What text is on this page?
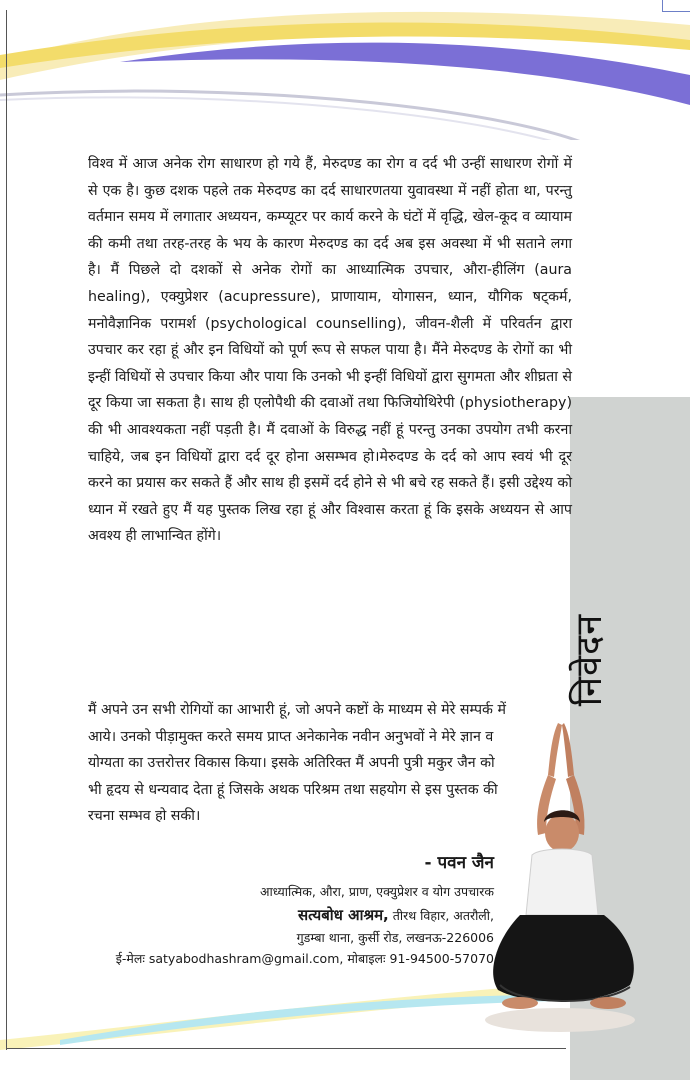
निवेदन

विश्व में आज अनेक रोग साधारण हो गये हैं, मेरुदण्ड का रोग व दर्द भी उन्हीं साधारण रोगों में से एक है। कुछ दशक पहले तक मेरुदण्ड का दर्द साधारणतया युवावस्था में नहीं होता था, परन्तु वर्तमान समय में लगातार अध्ययन, कम्प्यूटर पर कार्य करने के घंटों में वृद्धि, खेल-कूद व व्यायाम की कमी तथा तरह-तरह के भय के कारण मेरुदण्ड का दर्द अब इस अवस्था में भी सताने लगा है। मैं पिछले दो दशकों से अनेक रोगों का आध्यात्मिक उपचार, औरा-हीलिंग (aura healing), एक्युप्रेशर (acupressure), प्राणायाम, योगासन, ध्यान, यौगिक षट्कर्म, मनोवैज्ञानिक परामर्श (psychological counselling), जीवन-शैली में परिवर्तन द्वारा उपचार कर रहा हूं और इन विधियों को पूर्ण रूप से सफल पाया है। मैंने मेरुदण्ड के रोगों का भी इन्हीं विधियों से उपचार किया और पाया कि उनको भी इन्हीं विधियों द्वारा सुगमता और शीघ्रता से दूर किया जा सकता है। साथ ही एलोपैथी की दवाओं तथा फिजियोथिरेपी (physiotherapy) की भी आवश्यकता नहीं पड़ती है। मैं दवाओं के विरुद्ध नहीं हूं परन्तु उनका उपयोग तभी करना चाहिये, जब इन विधियों द्वारा दर्द दूर होना असम्भव हो।मेरुदण्ड के दर्द को आप स्वयं भी दूर करने का प्रयास कर सकते हैं और साथ ही इसमें दर्द होने से भी बचे रह सकते हैं। इसी उद्देश्य को ध्यान में रखते हुए मैं यह पुस्तक लिख रहा हूं और विश्वास करता हूं कि इसके अध्ययन से आप अवश्य ही लाभान्वित होंगे।

मैं अपने उन सभी रोगियों का आभारी हूं, जो अपने कष्टों के माध्यम से मेरे सम्पर्क में आये। उनको पीड़ामुक्त करते समय प्राप्त अनेकानेक नवीन अनुभवों ने मेरे ज्ञान व योग्यता का उत्तरोत्तर विकास किया। इसके अतिरिक्त मैं अपनी पुत्री मकुर जैन को भी हृदय से धन्यवाद देता हूं जिसके अथक परिश्रम तथा सहयोग से इस पुस्तक की रचना सम्भव हो सकी।

- पवन जैन
आध्यात्मिक, औरा, प्राण, एक्युप्रेशर व योग उपचारक
सत्यबोध आश्रम, तीरथ विहार, अतरौली,
गुडम्बा थाना, कुर्सी रोड, लखनऊ-226006
ई-मेलः satyabodhashram@gmail.com, मोबाइलः 91-94500-57070
